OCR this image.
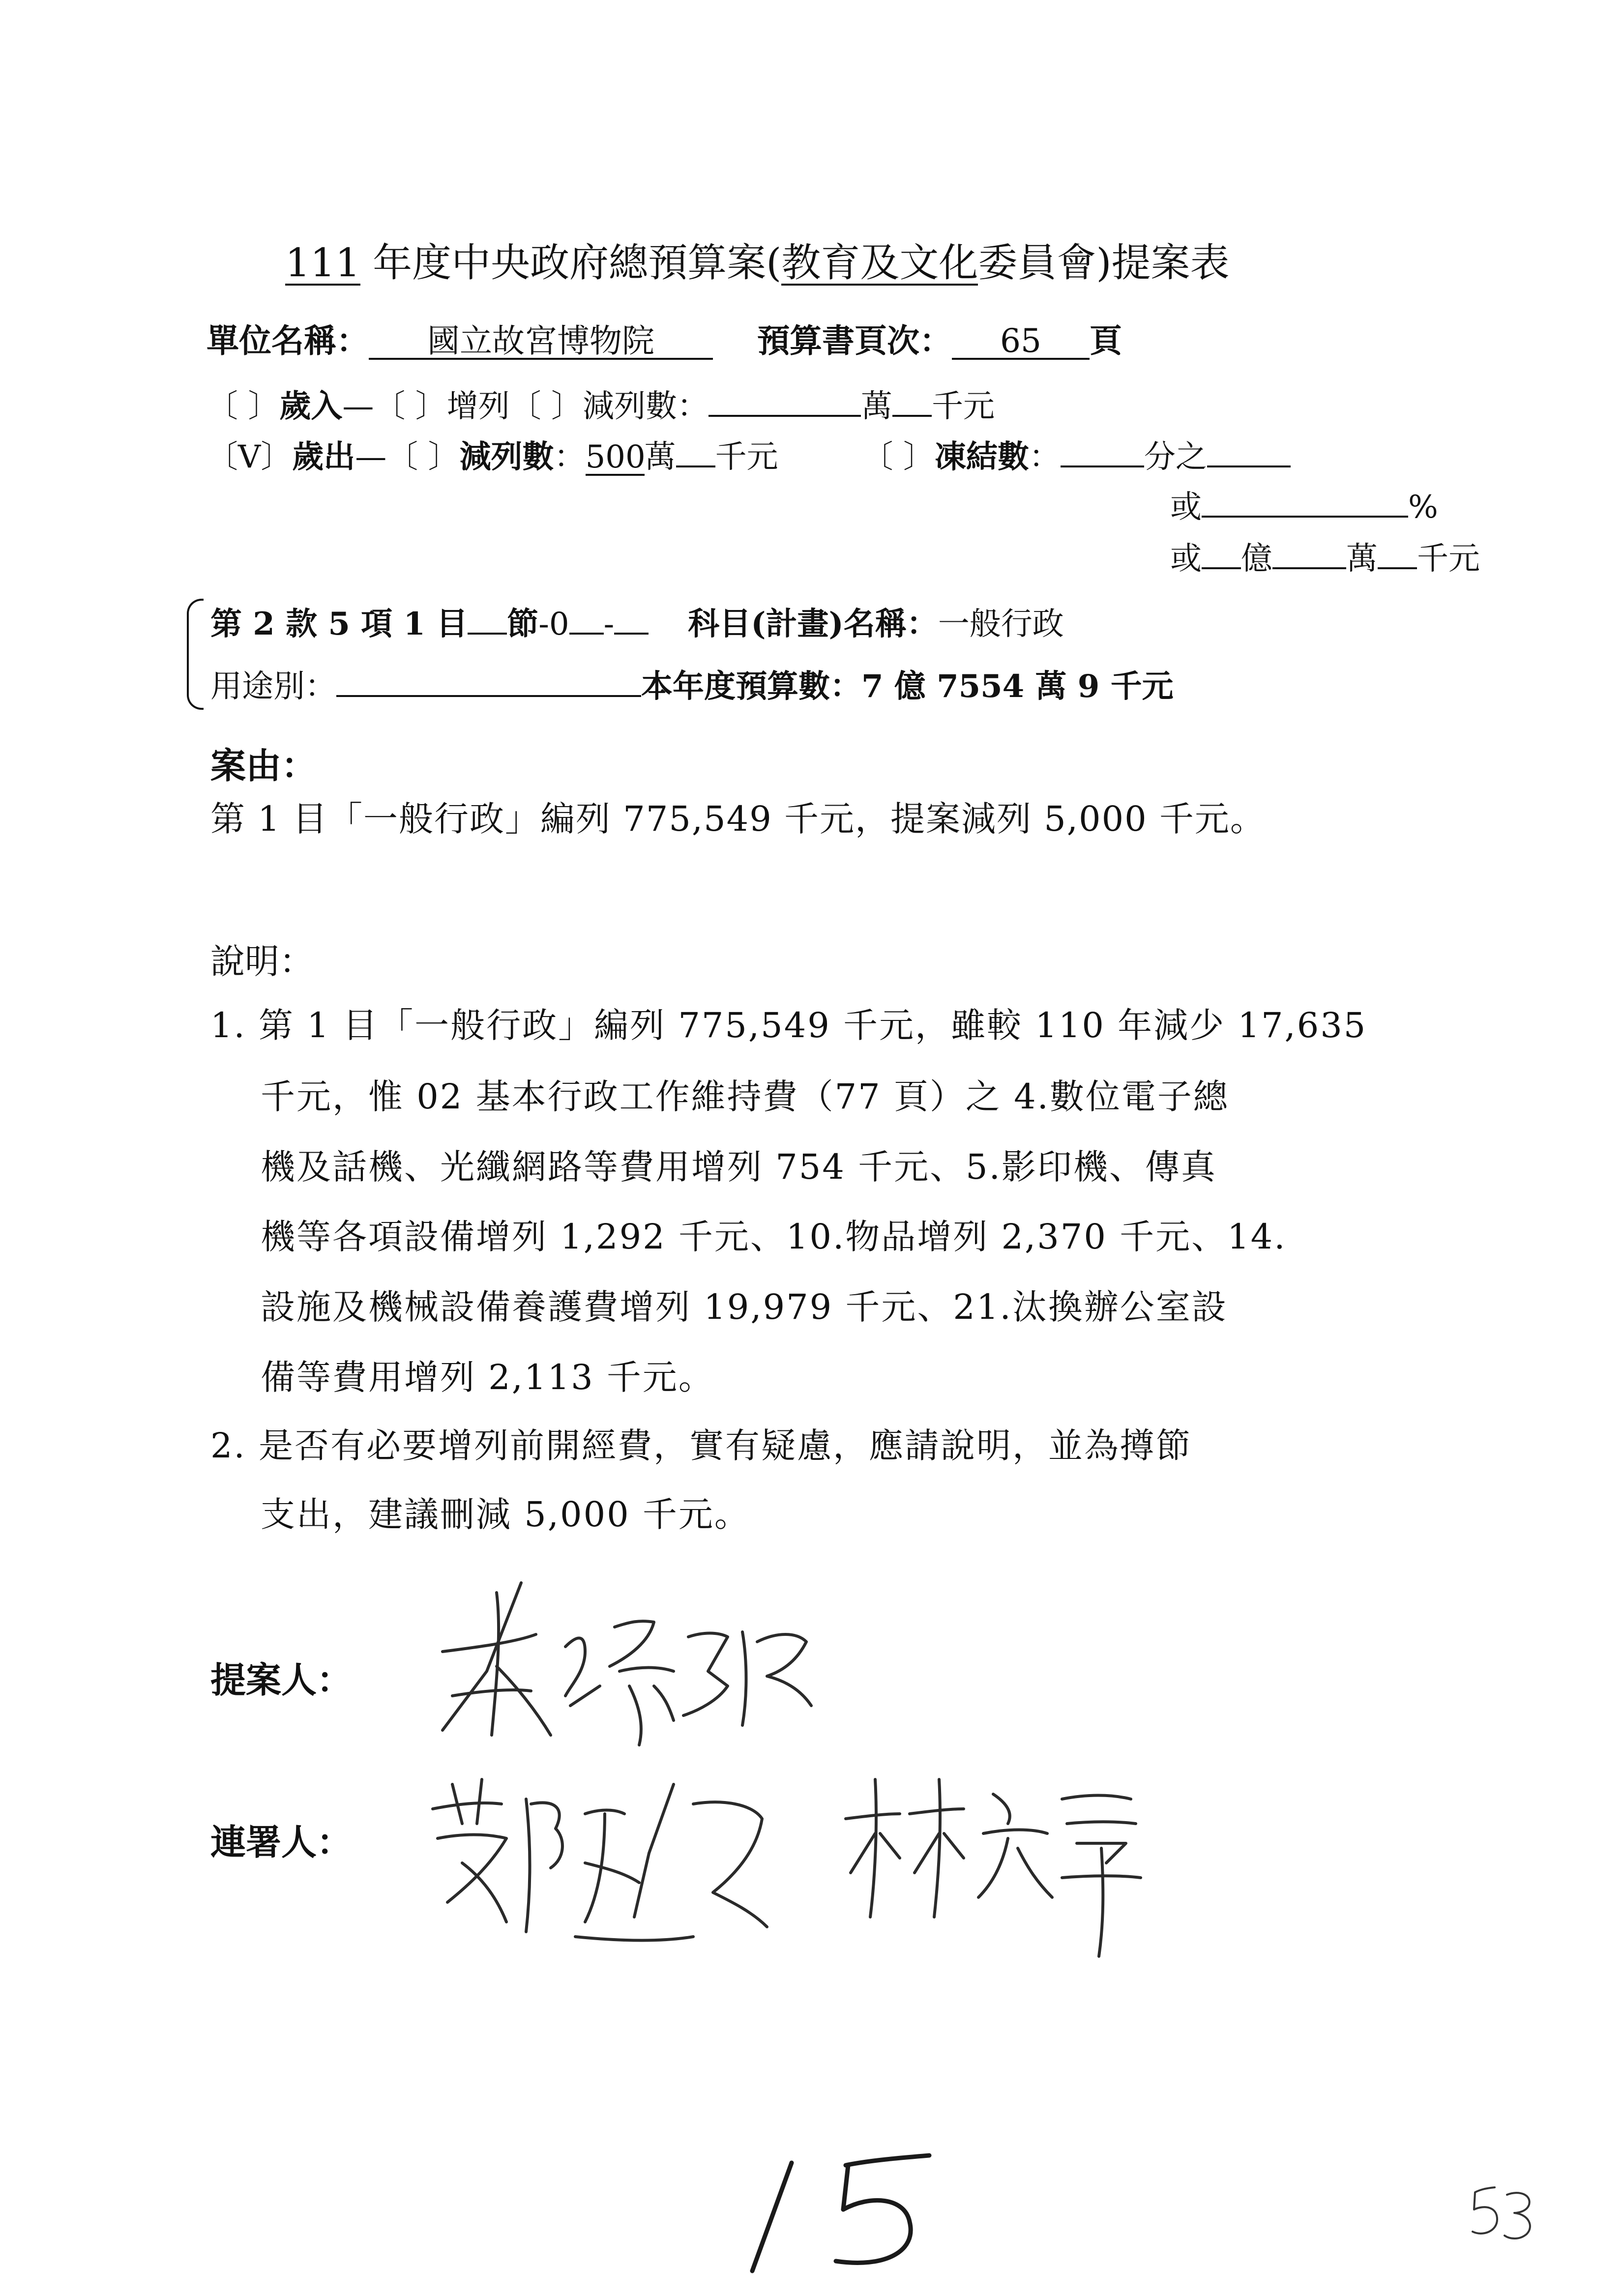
111 年度中央政府總預算案(教育及文化委員會)提案表
單位名稱： 國立故宮博物院	預算書頁次： 65 頁
〔 〕歲入—〔 〕增列〔 〕減列數：	萬 千元
〔V〕歲出—〔 〕減列數：500萬 千元	〔 〕凍結數：	分之
或	%
或 億 萬 千元
第 2 款 5 項 1 目 節-0 - 科目(計畫)名稱：一般行政
用途別：	本年度預算數：7 億 7554 萬 9 千元
案由：
第 1 目「一般行政」編列 775,549 千元，提案減列 5,000 千元。
說明：
1. 第 1 目「一般行政」編列 775,549 千元，雖較 110 年減少 17,635
千元，惟 02 基本行政工作維持費（77 頁）之 4.數位電子總
機及話機、光纖網路等費用增列 754 千元、5.影印機、傳真
機等各項設備增列 1,292 千元、10.物品增列 2,370 千元、14.
設施及機械設備養護費增列 19,979 千元、21.汰換辦公室設
備等費用增列 2,113 千元。
2. 是否有必要增列前開經費，實有疑慮，應請說明，並為撙節
支出，建議刪減 5,000 千元。
提案人：
連署人：
